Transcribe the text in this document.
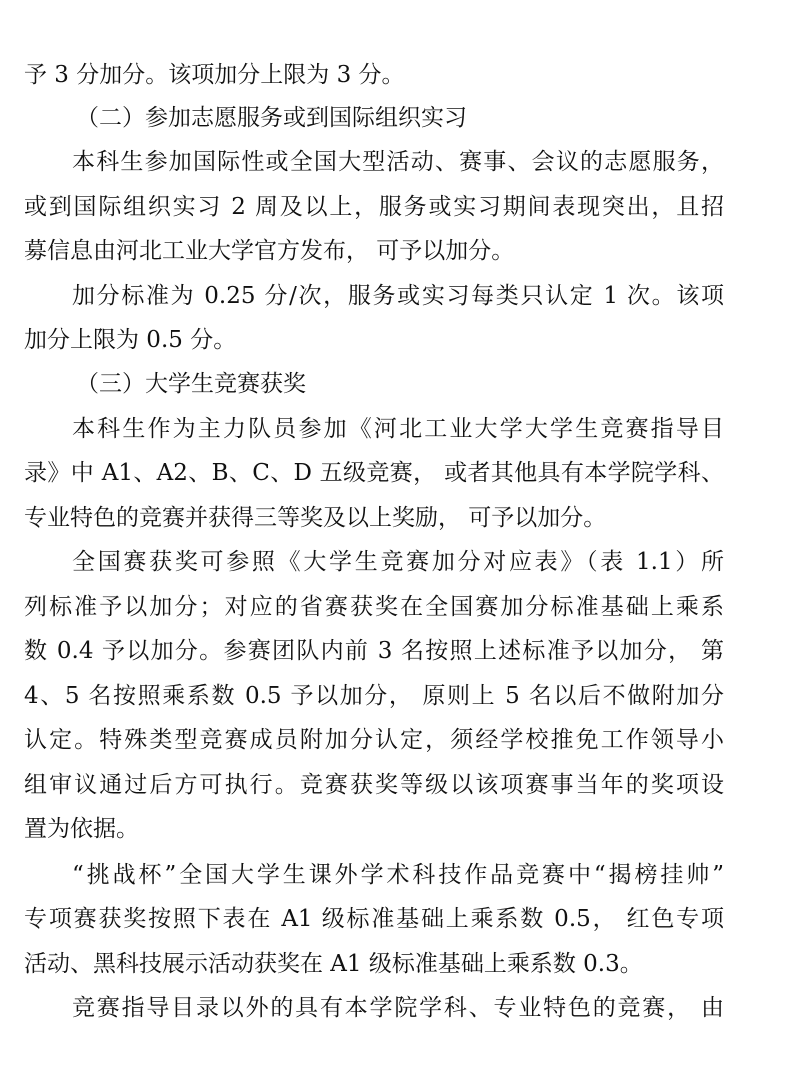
予 3 分加分。该项加分上限为 3 分。
（二）参加志愿服务或到国际组织实习
本科生参加国际性或全国大型活动、赛事、会议的志愿服务，
或到国际组织实习 2 周及以上，服务或实习期间表现突出，且招
募信息由河北工业大学官方发布， 可予以加分。
加分标准为 0.25 分/次，服务或实习每类只认定 1 次。该项
加分上限为 0.5 分。
（三）大学生竞赛获奖
本科生作为主力队员参加《河北工业大学大学生竞赛指导目
录》中 A1、A2、B、C、D 五级竞赛， 或者其他具有本学院学科、
专业特色的竞赛并获得三等奖及以上奖励， 可予以加分。
全国赛获奖可参照《大学生竞赛加分对应表》（表 1.1）所
列标准予以加分；对应的省赛获奖在全国赛加分标准基础上乘系
数 0.4 予以加分。参赛团队内前 3 名按照上述标准予以加分， 第
4、5 名按照乘系数 0.5 予以加分， 原则上 5 名以后不做附加分
认定。特殊类型竞赛成员附加分认定，须经学校推免工作领导小
组审议通过后方可执行。竞赛获奖等级以该项赛事当年的奖项设
置为依据。
“挑战杯”全国大学生课外学术科技作品竞赛中“揭榜挂帅”
专项赛获奖按照下表在 A1 级标准基础上乘系数 0.5， 红色专项
活动、黑科技展示活动获奖在 A1 级标准基础上乘系数 0.3。
竞赛指导目录以外的具有本学院学科、专业特色的竞赛， 由
